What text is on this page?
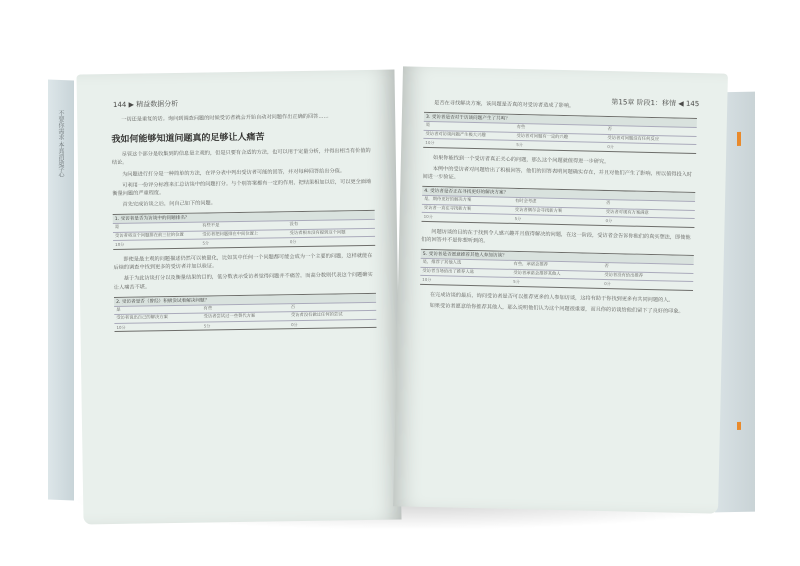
不要你需求 本真消逝学心
144 ▶ 精益数据分析

一切还是重复的话。询问到调查问题的时候受访者就会开始自动对问题作出正确的回答……

我如何能够知道问题真的足够让人痛苦

尽管这个部分是收集到的信息是主观的，但是只要有合适的方法，也可以用于定量分析，并得出相当有价值的结论。

为问题进行打分是一种简单的方法，在评分表中列出受访者可能的回答，并对每种回答给出分值。

可利用一份评分标准来汇总访谈中的问题打分。与个别答案都有一定的作用，把结果相加以后，可以更全面地衡量问题的严重程度。

首先完成访谈之后，问自己如下的问题。

1. 受访者是否为访谈中的问题排名？
是	有些不是	没有
受访者将这个问题排在前三位的位置	受访者把问题排在中间位置上	受访者根本没有提到这个问题
10分	5分	0分

即使是最主观的问题描述仍然可以被量化，比如其中任何一个问题都可能会成为一个主要的问题，这样就能在后续的调查中找到更多的受访者并加以验证。

基于为此访谈打分以及衡量结果的目的，低分数表示受访者觉得问题并不痛苦，而高分数则代表这个问题确实让人痛苦不堪。

2. 受访者是否（曾经）积极尝试着解决问题？
是	有些	否
受访者说出自己的解决方案	受访者尝试过一些替代方案	受访者没有做过任何的尝试
10分	5分	0分
第15章 阶段1：移情 ◀ 145

是否在寻找解决方案，该问题是否真的对受访者造成了影响。

3. 受访者是否对于访谈问题产生了共鸣？
是	有些	否
受访者对访谈问题产生极大兴趣	受访者对问题有一定的兴趣	受访者对问题没有任何反应
10分	5分	0分

如果你能找到一个受访者真正关心的问题，那么这个问题就值得进一步研究。

本例中的受访者对问题给出了积极回答，他们的回答表明问题确实存在，并且对他们产生了影响，所以值得投入时间进一步验证。

4. 受访者是否正在寻找更好的解决方案？
是，期待更好的解决方案	有时会考虑	否
受访者一直在寻找新方案	受访者偶尔会寻找新方案	受访者对现有方案满意
10分	5分	0分

问题访谈的目的在于找到令人感兴趣并且值得解决的问题，在这一阶段，受访者会告诉你他们的真实想法，即使他们的回答并不是你想听到的。

5. 受访者是否愿意推荐其他人参加访谈？
是，推荐了其他人选	有些，承诺会推荐	否
受访者当场给出了推荐人选	受访者承诺会推荐其他人	受访者没有给出推荐
10分	5分	0分

在完成访谈的最后，询问受访者是否可以推荐更多的人参加访谈，这将有助于你找到更多有共同问题的人。

如果受访者愿意给你推荐其他人，那么说明他们认为这个问题很重要，而且你的访谈给他们留下了良好的印象。
